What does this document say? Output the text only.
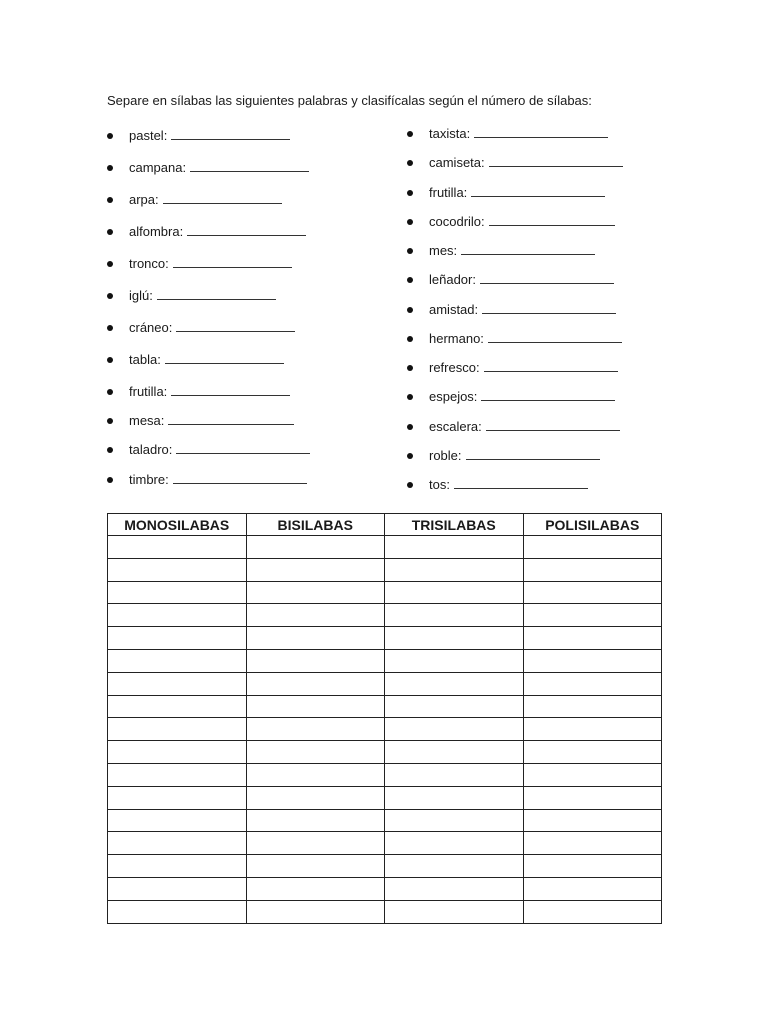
Separe en sílabas las siguientes palabras y clasifícalas según el número de sílabas:
pastel:
campana:
arpa:
alfombra:
tronco:
iglú:
cráneo:
tabla:
frutilla:
mesa:
taladro:
timbre:
taxista:
camiseta:
frutilla:
cocodrilo:
mes:
leñador:
amistad:
hermano:
refresco:
espejos:
escalera:
roble:
tos:
MONOSILABAS	BISILABAS	TRISILABAS	POLISILABAS
